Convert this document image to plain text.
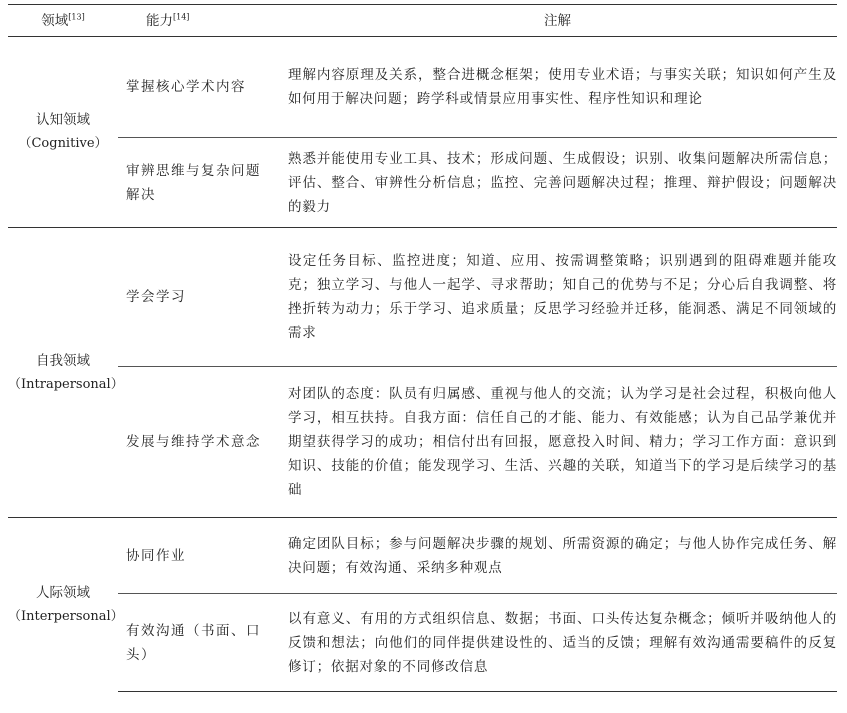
领域[13]	能力[14]	注解
认知领域
（Cognitive）	掌握核心学术内容	理解内容原理及关系，整合进概念框架；使用专业术语；与事实关联；知识如何产生及如何用于解决问题；跨学科或情景应用事实性、程序性知识和理论
	审辨思维与复杂问题解决	熟悉并能使用专业工具、技术；形成问题、生成假设；识别、收集问题解决所需信息；评估、整合、审辨性分析信息；监控、完善问题解决过程；推理、辩护假设；问题解决的毅力
自我领域
（Intrapersonal）	学会学习	设定任务目标、监控进度；知道、应用、按需调整策略；识别遇到的阻碍难题并能攻克；独立学习、与他人一起学、寻求帮助；知自己的优势与不足；分心后自我调整、将挫折转为动力；乐于学习、追求质量；反思学习经验并迁移，能洞悉、满足不同领域的需求
	发展与维持学术意念	对团队的态度：队员有归属感、重视与他人的交流；认为学习是社会过程，积极向他人学习，相互扶持。自我方面：信任自己的才能、能力、有效能感；认为自己品学兼优并期望获得学习的成功；相信付出有回报，愿意投入时间、精力；学习工作方面：意识到知识、技能的价值；能发现学习、生活、兴趣的关联，知道当下的学习是后续学习的基础
人际领域
（Interpersonal）	协同作业	确定团队目标；参与问题解决步骤的规划、所需资源的确定；与他人协作完成任务、解决问题；有效沟通、采纳多种观点
	有效沟通（书面、口头）	以有意义、有用的方式组织信息、数据；书面、口头传达复杂概念；倾听并吸纳他人的反馈和想法；向他们的同伴提供建设性的、适当的反馈；理解有效沟通需要稿件的反复修订；依据对象的不同修改信息
